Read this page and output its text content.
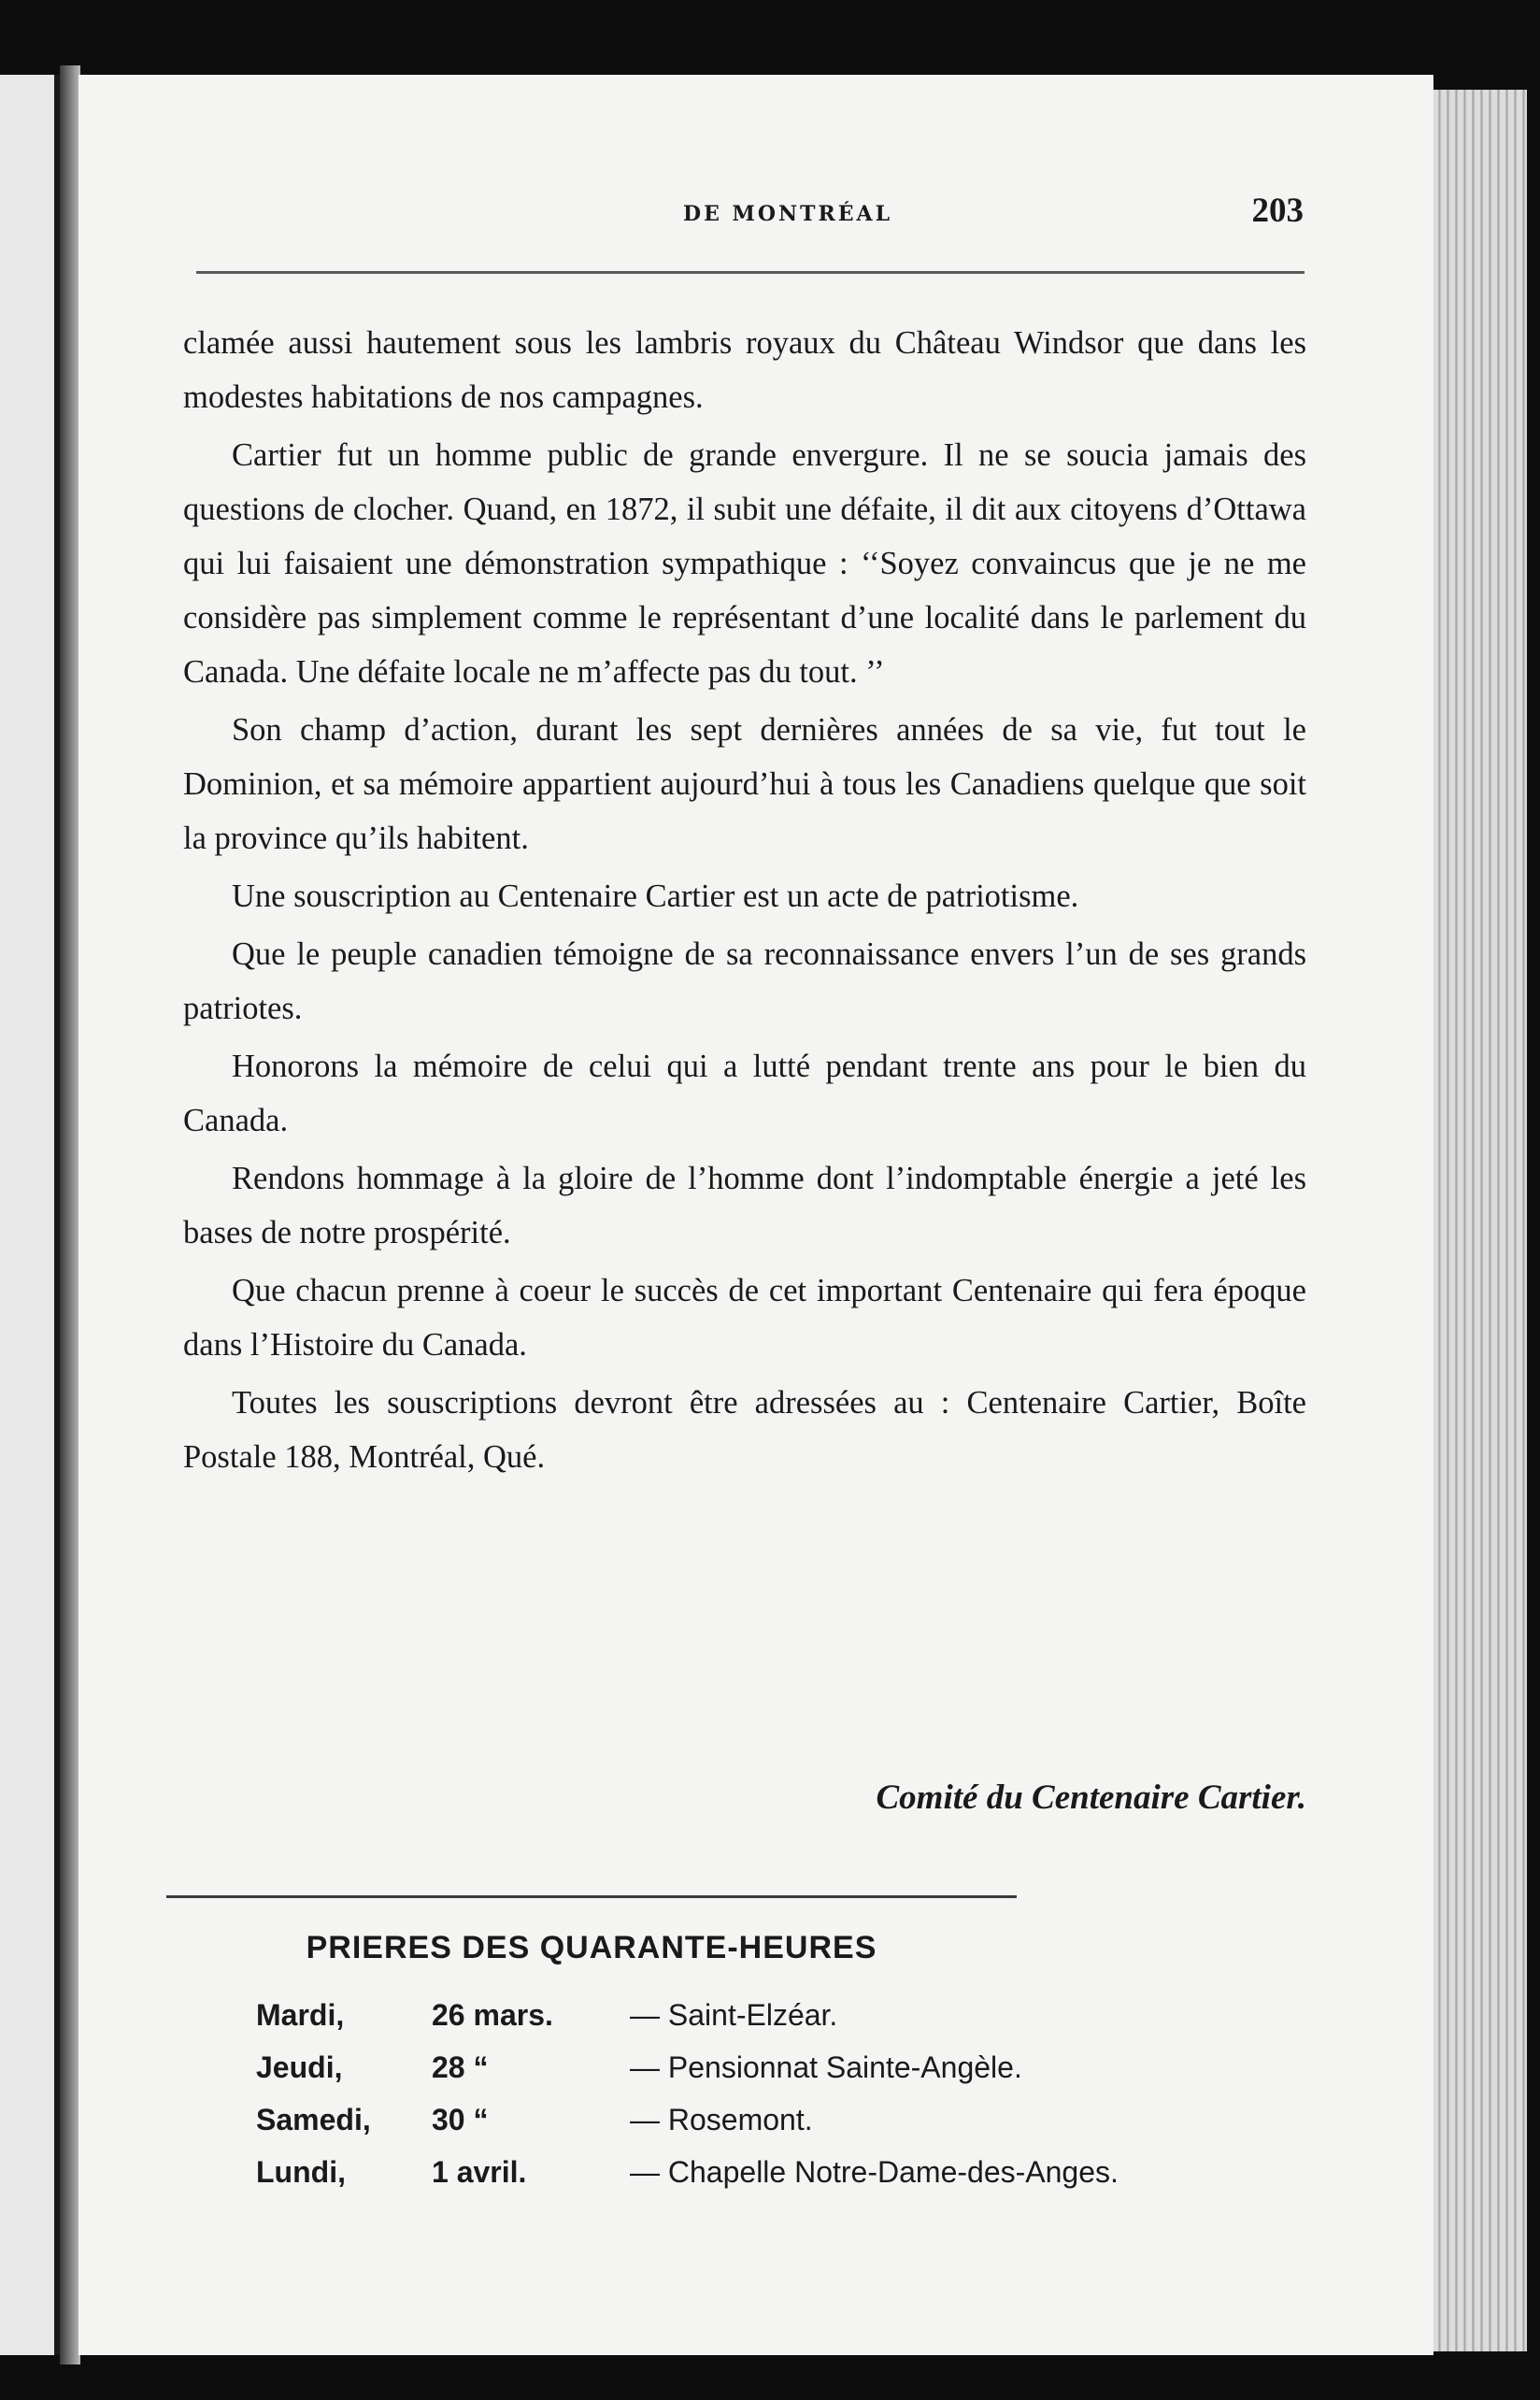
DE MONTRÉAL	203

clamée aussi hautement sous les lambris royaux du Château Windsor que dans les modestes habitations de nos campagnes.

Cartier fut un homme public de grande envergure. Il ne se soucia jamais des questions de clocher. Quand, en 1872, il subit une défaite, il dit aux citoyens d’Ottawa qui lui faisaient une démonstration sympathique : ‘‘Soyez convaincus que je ne me considère pas simplement comme le représentant d’une localité dans le parlement du Canada. Une défaite locale ne m’affecte pas du tout. ’’

Son champ d’action, durant les sept dernières années de sa vie, fut tout le Dominion, et sa mémoire appartient aujourd’hui à tous les Canadiens quelque que soit la province qu’ils habitent.

Une souscription au Centenaire Cartier est un acte de patriotisme.

Que le peuple canadien témoigne de sa reconnaissance envers l’un de ses grands patriotes.

Honorons la mémoire de celui qui a lutté pendant trente ans pour le bien du Canada.

Rendons hommage à la gloire de l’homme dont l’indomptable énergie a jeté les bases de notre prospérité.

Que chacun prenne à coeur le succès de cet important Centenaire qui fera époque dans l’Histoire du Canada.

Toutes les souscriptions devront être adressées au : Centenaire Cartier, Boîte Postale 188, Montréal, Qué.

Comité du Centenaire Cartier.
PRIERES DES QUARANTE-HEURES
Mardi,	26 mars.	— Saint-Elzéar.
Jeudi,	28 “	— Pensionnat Sainte-Angèle.
Samedi, 30 “	— Rosemont.
Lundi,	1 avril.	— Chapelle Notre-Dame-des-Anges.
